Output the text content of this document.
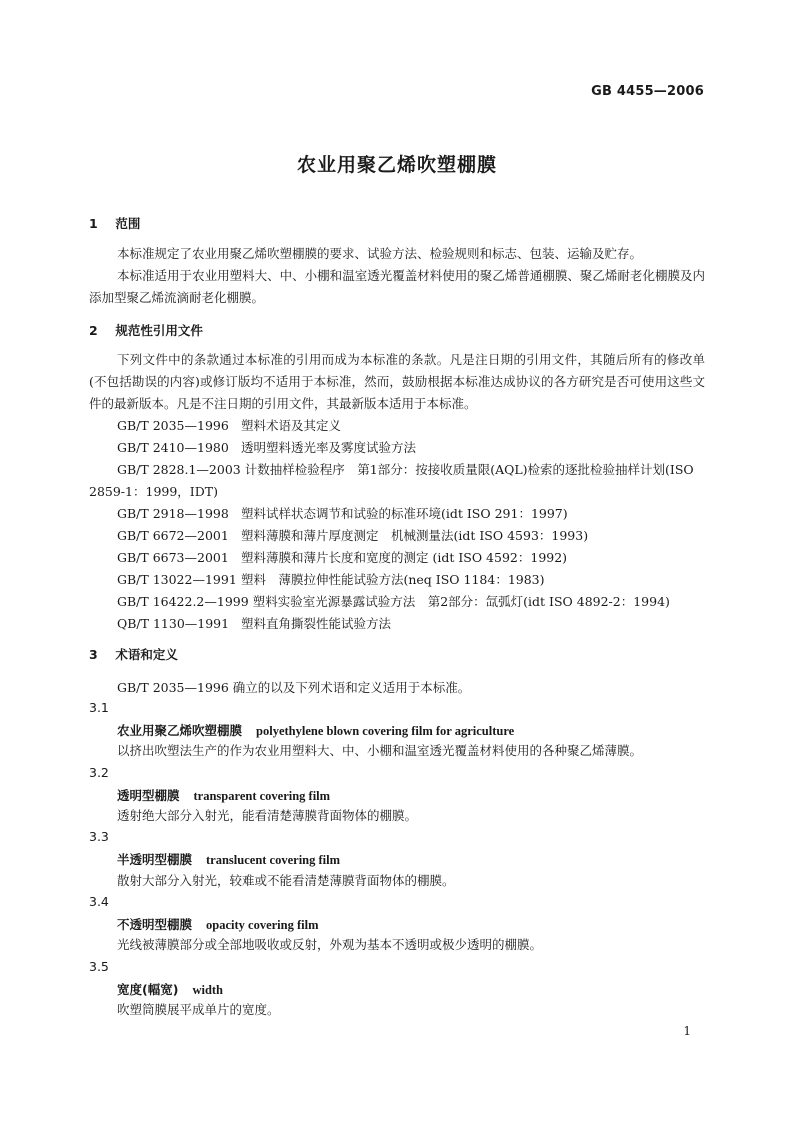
GB 4455—2006
农业用聚乙烯吹塑棚膜
1 范围
本标准规定了农业用聚乙烯吹塑棚膜的要求、试验方法、检验规则和标志、包装、运输及贮存。
本标准适用于农业用塑料大、中、小棚和温室透光覆盖材料使用的聚乙烯普通棚膜、聚乙烯耐老化棚膜及内添加型聚乙烯流滴耐老化棚膜。
2 规范性引用文件
下列文件中的条款通过本标准的引用而成为本标准的条款。凡是注日期的引用文件，其随后所有的修改单(不包括勘误的内容)或修订版均不适用于本标准，然而，鼓励根据本标准达成协议的各方研究是否可使用这些文件的最新版本。凡是不注日期的引用文件，其最新版本适用于本标准。
GB/T 2035—1996 塑料术语及其定义
GB/T 2410—1980 透明塑料透光率及雾度试验方法
GB/T 2828.1—2003 计数抽样检验程序　第1部分：按接收质量限(AQL)检索的逐批检验抽样计划(ISO 2859-1：1999，IDT)
GB/T 2918—1998 塑料试样状态调节和试验的标准环境(idt ISO 291：1997)
GB/T 6672—2001 塑料薄膜和薄片厚度测定　机械测量法(idt ISO 4593：1993)
GB/T 6673—2001 塑料薄膜和薄片长度和宽度的测定 (idt ISO 4592：1992)
GB/T 13022—1991 塑料　薄膜拉伸性能试验方法(neq ISO 1184：1983)
GB/T 16422.2—1999 塑料实验室光源暴露试验方法　第2部分：氙弧灯(idt ISO 4892-2：1994)
QB/T 1130—1991 塑料直角撕裂性能试验方法
3 术语和定义
GB/T 2035—1996 确立的以及下列术语和定义适用于本标准。
3.1
农业用聚乙烯吹塑棚膜 polyethylene blown covering film for agriculture
以挤出吹塑法生产的作为农业用塑料大、中、小棚和温室透光覆盖材料使用的各种聚乙烯薄膜。
3.2
透明型棚膜 transparent covering film
透射绝大部分入射光，能看清楚薄膜背面物体的棚膜。
3.3
半透明型棚膜 translucent covering film
散射大部分入射光，较难或不能看清楚薄膜背面物体的棚膜。
3.4
不透明型棚膜 opacity covering film
光线被薄膜部分或全部地吸收或反射，外观为基本不透明或极少透明的棚膜。
3.5
宽度(幅宽) width
吹塑筒膜展平成单片的宽度。
1
